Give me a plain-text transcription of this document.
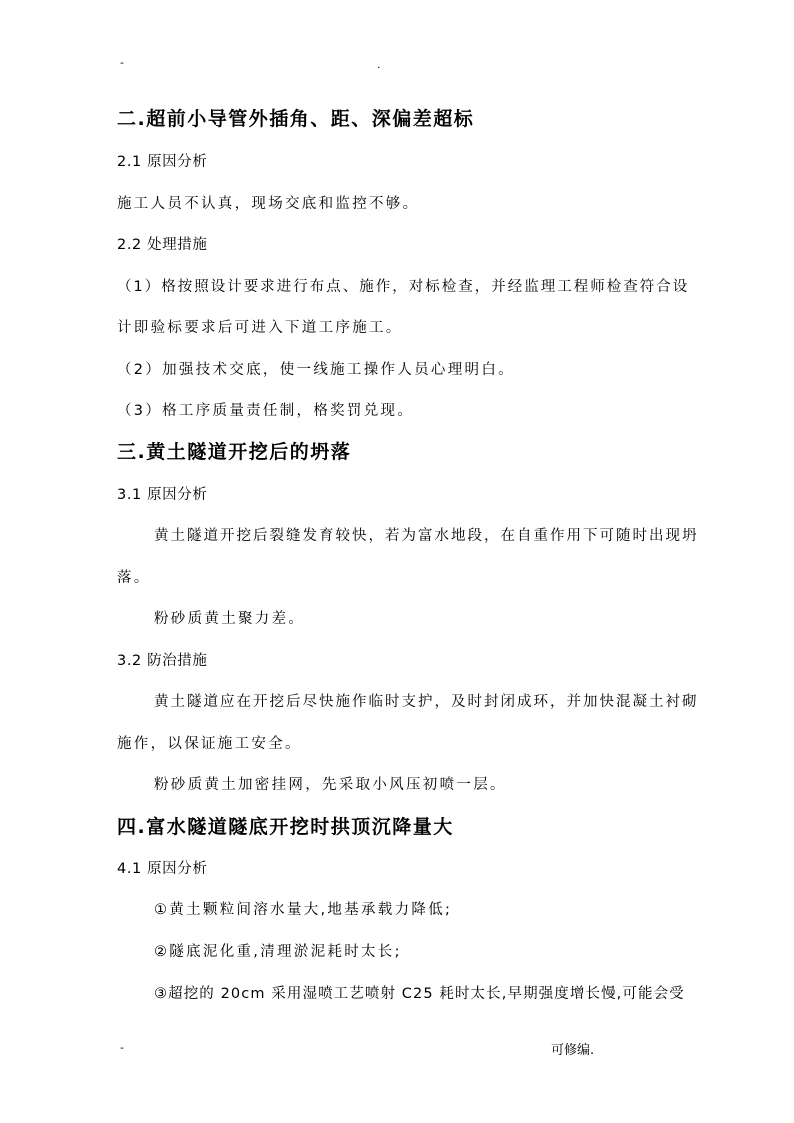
-	.
二.超前小导管外插角、距、深偏差超标
2.1 原因分析
施工人员不认真，现场交底和监控不够。
2.2 处理措施
（1）格按照设计要求进行布点、施作，对标检查，并经监理工程师检查符合设
计即验标要求后可进入下道工序施工。
（2）加强技术交底，使一线施工操作人员心理明白。
（3）格工序质量责任制，格奖罚兑现。
三.黄土隧道开挖后的坍落
3.1 原因分析
黄土隧道开挖后裂缝发育较快，若为富水地段，在自重作用下可随时出现坍
落。
粉砂质黄土聚力差。
3.2 防治措施
黄土隧道应在开挖后尽快施作临时支护，及时封闭成环，并加快混凝土衬砌
施作，以保证施工安全。
粉砂质黄土加密挂网，先采取小风压初喷一层。
四.富水隧道隧底开挖时拱顶沉降量大
4.1 原因分析
①黄土颗粒间溶水量大,地基承载力降低;
②隧底泥化重,清理淤泥耗时太长;
③超挖的 20cm 采用湿喷工艺喷射 C25 耗时太长,早期强度增长慢,可能会受
-	可修编.
